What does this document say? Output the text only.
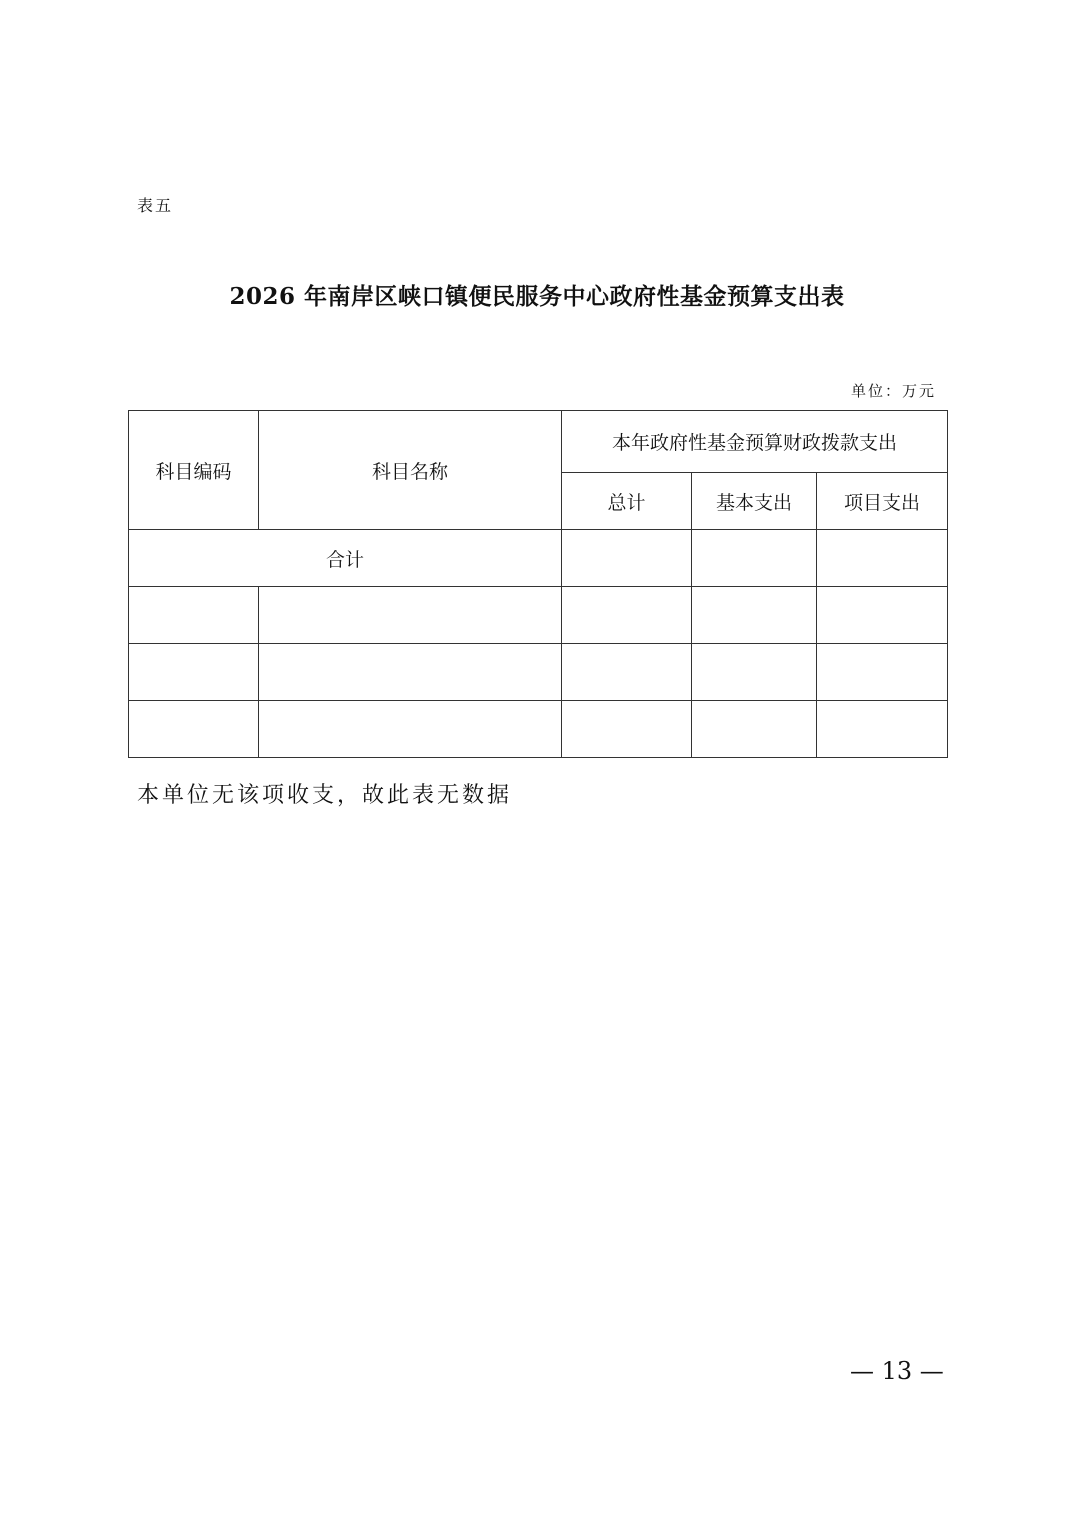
表五
2026 年南岸区峡口镇便民服务中心政府性基金预算支出表
单位：万元
科目编码	科目名称	本年政府性基金预算财政拨款支出		
		总计	基本支出	项目支出
合计				

本单位无该项收支，故此表无数据
— 13 —
